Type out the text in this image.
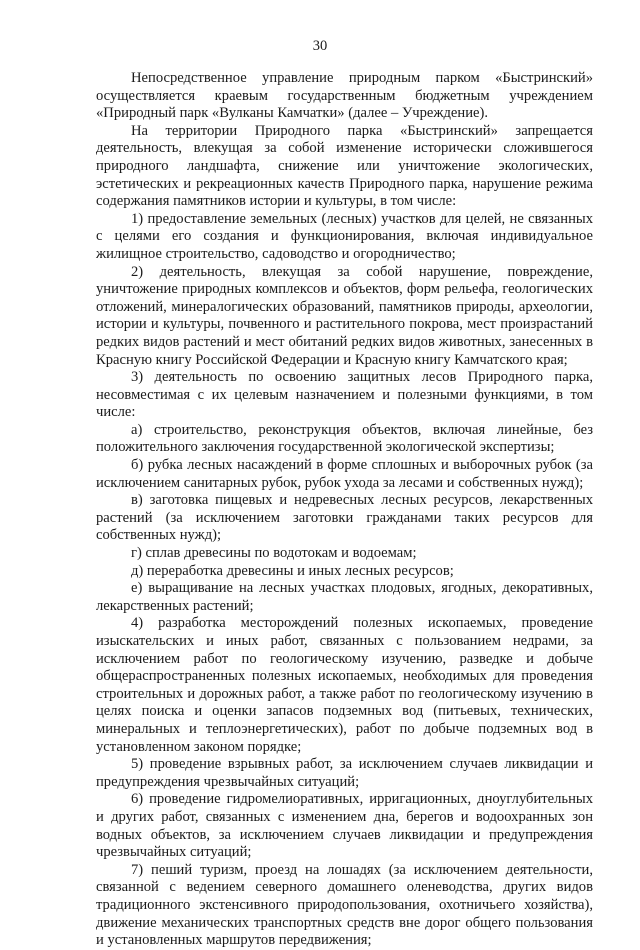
30

Непосредственное управление природным парком «Быстринский» осуществляется краевым государственным бюджетным учреждением «Природный парк «Вулканы Камчатки» (далее – Учреждение).

На территории Природного парка «Быстринский» запрещается деятельность, влекущая за собой изменение исторически сложившегося природного ландшафта, снижение или уничтожение экологических, эстетических и рекреационных качеств Природного парка, нарушение режима содержания памятников истории и культуры, в том числе:

1) предоставление земельных (лесных) участков для целей, не связанных с целями его создания и функционирования, включая индивидуальное жилищное строительство, садоводство и огородничество;

2) деятельность, влекущая за собой нарушение, повреждение, уничтожение природных комплексов и объектов, форм рельефа, геологических отложений, минералогических образований, памятников природы, археологии, истории и культуры, почвенного и растительного покрова, мест произрастаний редких видов растений и мест обитаний редких видов животных, занесенных в Красную книгу Российской Федерации и Красную книгу Камчатского края;

3) деятельность по освоению защитных лесов Природного парка, несовместимая с их целевым назначением и полезными функциями, в том числе:

а) строительство, реконструкция объектов, включая линейные, без положительного заключения государственной экологической экспертизы;

б) рубка лесных насаждений в форме сплошных и выборочных рубок (за исключением санитарных рубок, рубок ухода за лесами и собственных нужд);

в) заготовка пищевых и недревесных лесных ресурсов, лекарственных растений (за исключением заготовки гражданами таких ресурсов для собственных нужд);

г) сплав древесины по водотокам и водоемам;

д) переработка древесины и иных лесных ресурсов;

е) выращивание на лесных участках плодовых, ягодных, декоративных, лекарственных растений;

4) разработка месторождений полезных ископаемых, проведение изыскательских и иных работ, связанных с пользованием недрами, за исключением работ по геологическому изучению, разведке и добыче общераспространенных полезных ископаемых, необходимых для проведения строительных и дорожных работ, а также работ по геологическому изучению в целях поиска и оценки запасов подземных вод (питьевых, технических, минеральных и теплоэнергетических), работ по добыче подземных вод в установленном законом порядке;

5) проведение взрывных работ, за исключением случаев ликвидации и предупреждения чрезвычайных ситуаций;

6) проведение гидромелиоративных, ирригационных, дноуглубительных и других работ, связанных с изменением дна, берегов и водоохранных зон водных объектов, за исключением случаев ликвидации и предупреждения чрезвычайных ситуаций;

7) пеший туризм, проезд на лошадях (за исключением деятельности, связанной с ведением северного домашнего оленеводства, других видов традиционного экстенсивного природопользования, охотничьего хозяйства), движение механических транспортных средств вне дорог общего пользования и установленных маршрутов передвижения;
